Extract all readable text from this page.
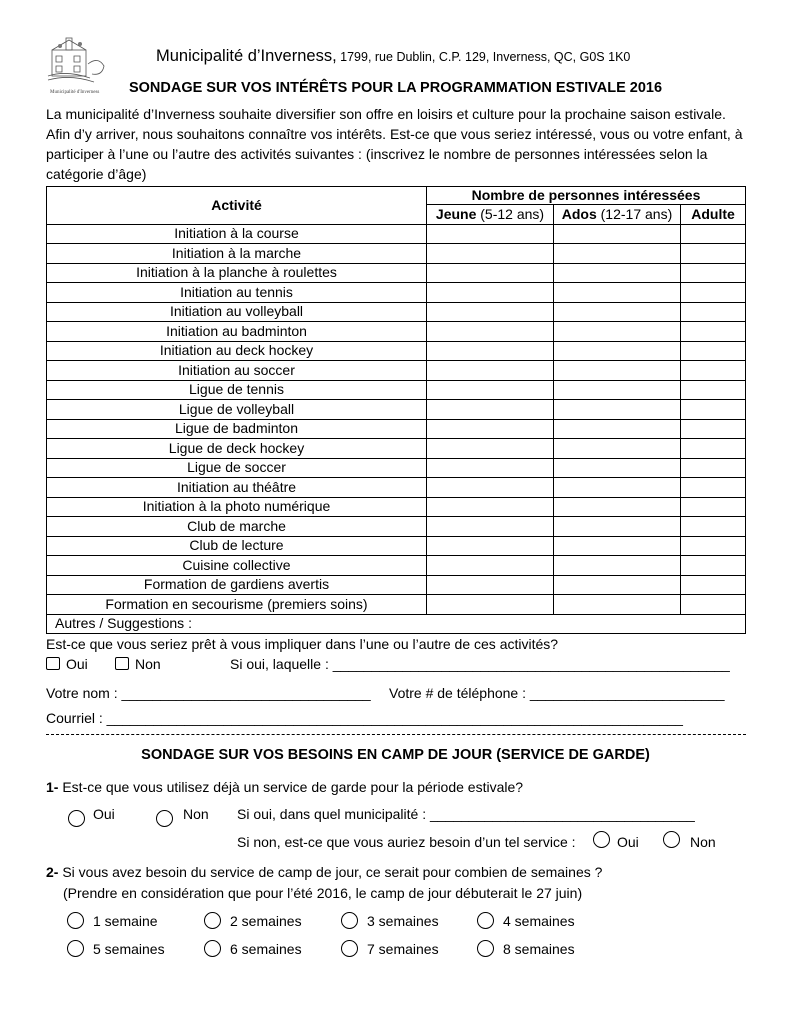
Municipalité d'Inverness
Municipalité d’Inverness, 1799, rue Dublin, C.P. 129, Inverness, QC, G0S 1K0
SONDAGE SUR VOS INTÉRÊTS POUR LA PROGRAMMATION ESTIVALE 2016
La municipalité d’Inverness souhaite diversifier son offre en loisirs et culture pour la prochaine saison estivale. Afin d’y arriver, nous souhaitons connaître vos intérêts. Est-ce que vous seriez intéressé, vous ou votre enfant, à participer à l’une ou l’autre des activités suivantes : (inscrivez le nombre de personnes intéressées selon la catégorie d’âge)
Activité	Nombre de personnes intéressées		
	Jeune (5-12 ans)	Ados (12-17 ans)	Adulte
Initiation à la course			
Initiation à la marche			
Initiation à la planche à roulettes			
Initiation au tennis			
Initiation au volleyball			
Initiation au badminton			
Initiation au deck hockey			
Initiation au soccer			
Ligue de tennis			
Ligue de volleyball			
Ligue de badminton			
Ligue de deck hockey			
Ligue de soccer			
Initiation au théâtre			
Initiation à la photo numérique			
Club de marche			
Club de lecture			
Cuisine collective			
Formation de gardiens avertis			
Formation en secourisme (premiers soins)			
Autres / Suggestions :			
Est-ce que vous seriez prêt à vous impliquer dans l’une ou l’autre de ces activités?
Oui	Non	Si oui, laquelle : ___________________________________________________
Votre nom : ________________________________ Votre # de téléphone : _________________________
Courriel : __________________________________________________________________________
SONDAGE SUR VOS BESOINS EN CAMP DE JOUR (SERVICE DE GARDE)
1- Est-ce que vous utilisez déjà un service de garde pour la période estivale?
Oui	Non Si oui, dans quel municipalité : __________________________________
Si non, est-ce que vous auriez besoin d’un tel service :	Oui	Non
2- Si vous avez besoin du service de camp de jour, ce serait pour combien de semaines ?
(Prendre en considération que pour l’été 2016, le camp de jour débuterait le 27 juin)
1 semaine	2 semaines	3 semaines	4 semaines
5 semaines	6 semaines	7 semaines	8 semaines
